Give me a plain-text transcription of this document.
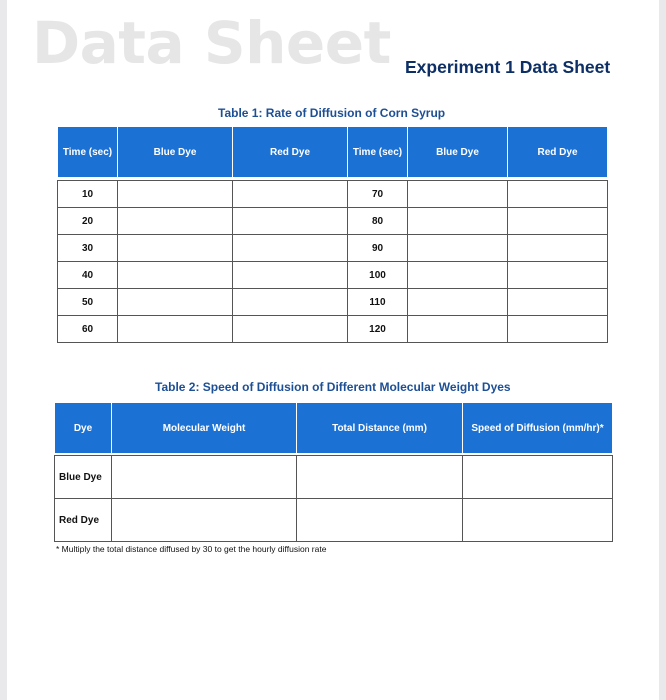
Data Sheet Experiment 1 Data Sheet
Table 1: Rate of Diffusion of Corn Syrup
Time (sec)	Blue Dye	Red Dye	Time (sec)	Blue Dye	Red Dye

10			70		
20			80		
30			90		
40			100		
50			110		
60			120		
Table 2: Speed of Diffusion of Different Molecular Weight Dyes
Dye	Molecular Weight	Total Distance (mm)	Speed of Diffusion (mm/hr)*

Blue Dye			
Red Dye			
* Multiply the total distance diffused by 30 to get the hourly diffusion rate
